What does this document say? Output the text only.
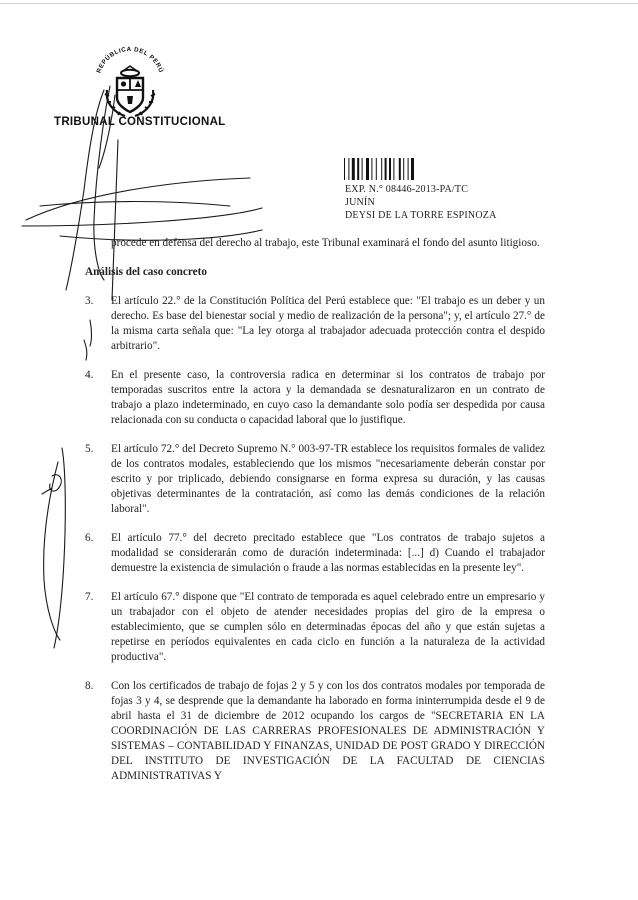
REPÚBLICA DEL PERÚ
TRIBUNAL CONSTITUCIONAL
EXP. N.° 08446-2013-PA/TC
JUNÍN
DEYSI DE LA TORRE ESPINOZA
procede en defensa del derecho al trabajo, este Tribunal examinará el fondo del asunto litigioso.
Análisis del caso concreto
3.	El artículo 22.° de la Constitución Política del Perú establece que: "El trabajo es un deber y un derecho. Es base del bienestar social y medio de realización de la persona"; y, el artículo 27.° de la misma carta señala que: "La ley otorga al trabajador adecuada protección contra el despido arbitrario".
4.	En el presente caso, la controversia radica en determinar si los contratos de trabajo por temporadas suscritos entre la actora y la demandada se desnaturalizaron en un contrato de trabajo a plazo indeterminado, en cuyo caso la demandante solo podía ser despedida por causa relacionada con su conducta o capacidad laboral que lo justifique.
5.	El artículo 72.° del Decreto Supremo N.° 003-97-TR establece los requisitos formales de validez de los contratos modales, estableciendo que los mismos "necesariamente deberán constar por escrito y por triplicado, debiendo consignarse en forma expresa su duración, y las causas objetivas determinantes de la contratación, así como las demás condiciones de la relación laboral".
6.	El artículo 77.° del decreto precitado establece que "Los contratos de trabajo sujetos a modalidad se considerarán como de duración indeterminada: [...] d) Cuando el trabajador demuestre la existencia de simulación o fraude a las normas establecidas en la presente ley".
7.	El artículo 67.° dispone que "El contrato de temporada es aquel celebrado entre un empresario y un trabajador con el objeto de atender necesidades propias del giro de la empresa o establecimiento, que se cumplen sólo en determinadas épocas del año y que están sujetas a repetirse en períodos equivalentes en cada ciclo en función a la naturaleza de la actividad productiva".
8.	Con los certificados de trabajo de fojas 2 y 5 y con los dos contratos modales por temporada de fojas 3 y 4, se desprende que la demandante ha laborado en forma ininterrumpida desde el 9 de abril hasta el 31 de diciembre de 2012 ocupando los cargos de "SECRETARIA EN LA COORDINACIÓN DE LAS CARRERAS PROFESIONALES DE ADMINISTRACIÓN Y SISTEMAS – CONTABILIDAD Y FINANZAS, UNIDAD DE POST GRADO Y DIRECCIÓN DEL INSTITUTO DE INVESTIGACIÓN DE LA FACULTAD DE CIENCIAS ADMINISTRATIVAS Y
